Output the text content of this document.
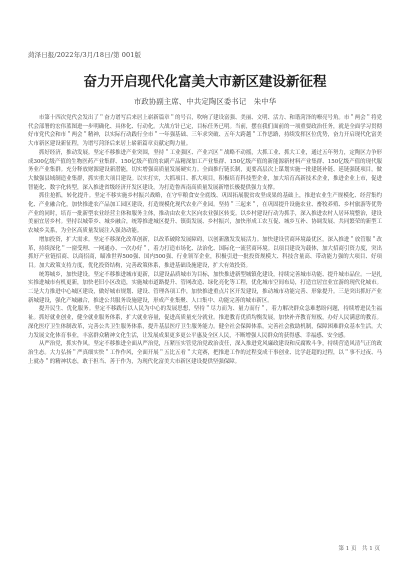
菏泽日报/2022年/3月/18日/第 001版
奋力开启现代化富美大市新区建设新征程
市政协副主席、中共定陶区委书记　朱中华

市第十四次党代会发出了＂奋力谱写后来居上崭新篇章＂的号召，吹响了建设富强、美丽、文明、活力、和谐菏泽的嘹亮号角。市＂两会＂将党代会部署的宏伟蓝图进一步明确化、具体化、行动化。大战方针已定，目标任务已明。当前，摆在我们面前的一项重要政治任务，就是全面学习贯彻好市党代会和市＂两会＂精神，以实际行动践行全市＂一年强基础、三年求突破、五年大跨越＂工作思路，持续发挥区位优势，奋力开启现代化富美大市新区建设新征程，为谱写菏泽后来居上崭新篇章贡献定陶力量。

抓好经济，推动发展。坚定不移推进产业突围，坚持＂工业强区、产业兴区＂战略不动摇，大抓工业、抓大工业，通过五年努力，定陶区力争形成300亿级产值的生物医药产业集群、150亿级产值的农副产品精深加工产业集群、150亿级产值的新能源新材料产业集群、150亿级产值的现代服务业产业集群。充分释放财源建设新潜能，切实增强高质量发展硬实力。全面推行链长制，更要高层次上谋划实施一批建链补链、延链强链项目，做大做强县域制造业集群，抓实重大项目建设。以实打实，大抓项目、抓大项目，积极培育科技型企业，加大培育高新技术企业，推进企业上市，促进智能化、数字化转型，深入推进省级经济开发区建设，为打造鲁西南高质量发展新增长极提供强力支撑。

抓住抢抓，转化提升。坚定不移实施乡村振兴战略，在守牢粮食安全底线、巩固拓展脱贫攻坚成果的基础上，推进农业生产规模化、经营集约化、产业融合化，加快推进农产品加工园区建设，打造规模化现代农业产业园。坚持＂三起来＂，在巩固提升设施农业、畜牧养殖、乡村旅游等优势产业的同时，培育一批新型农业经营主体和服务主体，推动由农业大区向农业强区转变。以乡村建设行动为抓手，深入推进农村人居环境整治，建设美丽宜居乡村。坚持以城带乡、城乡融合，统筹推进城区提升、镇街发展、乡村振兴，加快形成工农互促、城乡互补、协调发展、共同繁荣的新型工农城乡关系，为全区高质量发展注入强劲动能。

增加投资，扩大需求。坚定不移深化改革创新，以改革破除发展障碍，以创新激发发展活力。加快建设营商环境最优区，深入推进＂放管服＂改革，持续深化＂一窗受理、一网通办、一次办好＂，着力打造市场化、法治化、国际化一流营商环境。以项目建设为载体，加大招商引资力度，突出抓好产业链招商、以商招商，瞄准世界500强、国内500强、行业领军企业，积极引进一批投资规模大、科技含量高、带动能力强的大项目、好项目。加大政策支持力度，优化投资结构，完善政策体系，推进基础设施建设，扩大有效投资。

统筹城乡，加快建设。坚定不移推进城市更新，以建设品质城市为目标，加快推进新型城镇化建设，持续完善城市功能、提升城市品位。一是扎实推进城市有机更新，加快老旧小区改造，实施城市道路提升、管网改造、绿化亮化等工程，优化城市空间布局，打造宜居宜业宜游的现代化城市。二是大力推进中心城区建设，做好城市规划、建设、管理各项工作，加快推进重点片区开发建设，推动城市功能完善、形象提升。三是突出抓好产业新城建设，强化产城融合，推进公共服务设施建设，形成产业集聚、人口集中、功能完善的城市新区。

提升民生、优化服务。坚定不移践行以人民为中心的发展思想，坚持＂尽力而为、量力而行＂，着力解决群众急难愁盼问题，持续增进民生福祉。抓好就业创业，健全就业服务体系，扩大就业容量，促进高质量充分就业。推进教育优质均衡发展，加快补齐教育短板，办好人民满意的教育。深化医疗卫生体制改革，完善公共卫生服务体系，提升基层医疗卫生服务能力。健全社会保障体系，完善社会救助机制，保障困难群众基本生活。大力发展文化体育事业，丰富群众精神文化生活，让发展成果更多更公平惠及全区人民，不断增强人民群众的获得感、幸福感、安全感。

从严治党，抓实作风。坚定不移推进全面从严治党，压紧压实管党治党政治责任，深入推进党风廉政建设和反腐败斗争，持续营造风清气正的政治生态。大力弘扬＂严真细实快＂工作作风，全面开展＂五比五看＂大竞赛，把推进工作的过程变成干事创业、比学赶超的过程，以＂事不过夜、马上就办＂的精神状态，敢于担当、善于作为，为现代化富美大市新区建设提供坚强保障。

第 1 页　共 1 页
